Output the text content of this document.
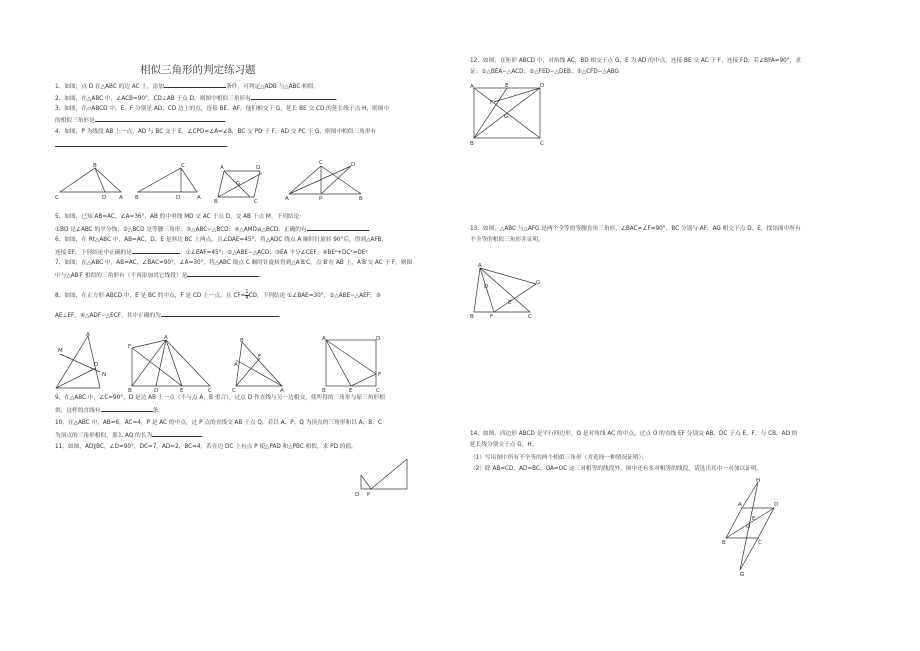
相似三角形的判定练习题
1、如图，点 D 在△ABC 的边 AC 上，添加	条件，可判定△ADB 与△ABC 相似。
2、如图，在△ABC 中，∠ACB=90°，CD⊥AB 于点 D，则图中相似三角形有	.
3、如图，在▱ABCD 中，E、F 分别是 AD、CD 边上的点，连接 BE、AF，他们相交于 G，延长 BE 交 CD 的延长线于点 H，则图中
的相似三角形是	.
4、如图，P 为线段 AB 上一点，AD 与 BC 交于 E，∠CPD=∠A=∠B，BC 交 PD 于 F，AD 交 PC 于 G，则图中相似三角形有
.
C
B
D A B
C
D	A
B
A
G
D
C	A
C	D
P	B
5、如图，已知 AB=AC，∠A=36°，AB 的中垂线 MD 交 AC 于点 D、交 AB 于点 M。下列结论：
①BD 是∠ABC 的平分线；②△BCD 是等腰三角形；③△ABC∽△BCD；④△AMD≌△BCD。正确的有	.
6、如图，在 Rt△ABC 中，AB=AC，D、E 是斜边 BC 上两点，且∠DAE=45°，将△ADC 绕点 A 顺时针旋转 90°后，得到△AFB，
连接 EF，下列结论中正确的是	：①∠EAF=45°；②△ABE∽△ACD；③EA 平分∠CEF；④BE²+DC²=DE²
7、如图，在△ABC 中，AB=AC，∠BAC=90°，∠A=30°，将△ABC 绕点 C 顺时针旋转得到△A′B′C，点 B′在 AB 上，A′B′交 AC 于 F，则图
中与△AB′F 相似的三角形有（不再添加其它线段）是	.
8、如图，在正方形 ABCD 中，E 是 BC 的中点，F 是 CD 上一点，且 $CF= \frac{1}{4}$ CD，下列结论 ①∠BAE=30°，②△ABE∽△AEF，③
AE⊥EF，④△ADF∽△ECF。其中正确的为	.
A
M
D
N
A
F
B	D	E	C
A
B
F
C	A
A	D
F
B	E	C
9、在△ABC 中，∠C=90°，D 是边 AB 上一点（不与点 A，B 重合），过点 D 作直线与另一边相交，使所得的三角形与原三角形相
似，这样的直线有	条。
10、在△ABC 中，AB=6，AC=4，P 是 AC 的中点，过 P 点的直线交 AB 于点 Q，若以 A、P、Q 为顶点的三角形和以 A、B、C
为顶点的三角形相似，那么 AQ 的长为	.
11、如图，AD∥BC，∠D=90°，DC=7，AD=2，BC=4，若在边 DC 上有点 P 使△PAD 和△PBC 相似，求 PD 的值。
P
D
12、如图，在矩形 ABCD 中，对角线 AC，BD 相交于点 G，E 为 AD 的中点，连接 BE 交 AC 于 F，连接 FD，若∠BFA=90°，求
证：①△BEA∽△ACD；②△FED∽△DEB；③△CFD∽△ABG
A	E	D
F
G
B	C
13、如图，△ABC 与△AFG 是两个全等的等腰直角三角形，∠BAC=∠F=90°，BC 分别与 AF，AG 相交于点 D、E，找出图中所有
不全等的相似三角形并证明。
A
B	C
G
F
D
E
14、如图，四边形 ABCD 是平行四边形，O 是对角线 AC 的中点，过点 O 的直线 EF 分别交 AB、DC 于点 E、F，与 CB、AD 的
延长线分别交于点 G、H。
（1）写出图中所有不全等的两个相似三角形（并选择一种情况证明）；
（2）除 AB=CD，AD=BC，OA=OC 这三对相等的线段外，图中还有多对相等的线段，请选出其中一对加以证明。
H
A	D
E
O
B	C
G
